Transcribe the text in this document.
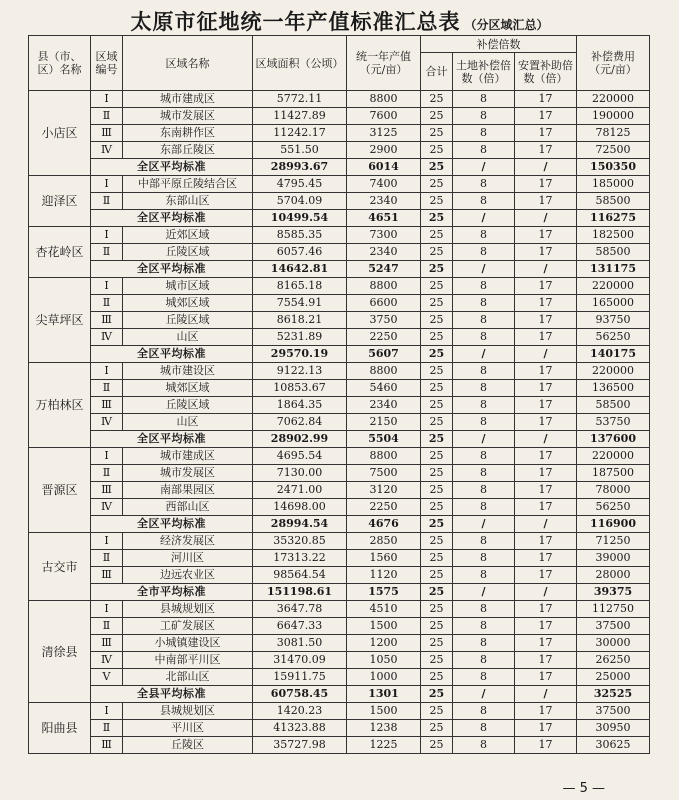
太原市征地统一年产值标准汇总表 （分区域汇总）
县（市、区）名称	区域编号	区域名称	区域面积（公顷）	统一年产值（元/亩）	补偿倍数			补偿费用（元/亩）
					合计	土地补偿倍数（倍）	安置补助倍数（倍）	
小店区	Ⅰ	城市建成区	5772.11	8800	25	8	17	220000
	Ⅱ	城市发展区	11427.89	7600	25	8	17	190000
	Ⅲ	东南耕作区	11242.17	3125	25	8	17	78125
	Ⅳ	东部丘陵区	551.50	2900	25	8	17	72500
	全区平均标准		28993.67	6014	25	/	/	150350
迎泽区	Ⅰ	中部平原丘陵结合区	4795.45	7400	25	8	17	185000
	Ⅱ	东部山区	5704.09	2340	25	8	17	58500
	全区平均标准		10499.54	4651	25	/	/	116275
杏花岭区	Ⅰ	近郊区域	8585.35	7300	25	8	17	182500
	Ⅱ	丘陵区域	6057.46	2340	25	8	17	58500
	全区平均标准		14642.81	5247	25	/	/	131175
尖草坪区	Ⅰ	城市区域	8165.18	8800	25	8	17	220000
	Ⅱ	城郊区域	7554.91	6600	25	8	17	165000
	Ⅲ	丘陵区域	8618.21	3750	25	8	17	93750
	Ⅳ	山区	5231.89	2250	25	8	17	56250
	全区平均标准		29570.19	5607	25	/	/	140175
万柏林区	Ⅰ	城市建设区	9122.13	8800	25	8	17	220000
	Ⅱ	城郊区域	10853.67	5460	25	8	17	136500
	Ⅲ	丘陵区域	1864.35	2340	25	8	17	58500
	Ⅳ	山区	7062.84	2150	25	8	17	53750
	全区平均标准		28902.99	5504	25	/	/	137600
晋源区	Ⅰ	城市建成区	4695.54	8800	25	8	17	220000
	Ⅱ	城市发展区	7130.00	7500	25	8	17	187500
	Ⅲ	南部果园区	2471.00	3120	25	8	17	78000
	Ⅳ	西部山区	14698.00	2250	25	8	17	56250
	全区平均标准		28994.54	4676	25	/	/	116900
古交市	Ⅰ	经济发展区	35320.85	2850	25	8	17	71250
	Ⅱ	河川区	17313.22	1560	25	8	17	39000
	Ⅲ	边远农业区	98564.54	1120	25	8	17	28000
	全市平均标准		151198.61	1575	25	/	/	39375
清徐县	Ⅰ	县城规划区	3647.78	4510	25	8	17	112750
	Ⅱ	工矿发展区	6647.33	1500	25	8	17	37500
	Ⅲ	小城镇建设区	3081.50	1200	25	8	17	30000
	Ⅳ	中南部平川区	31470.09	1050	25	8	17	26250
	Ⅴ	北部山区	15911.75	1000	25	8	17	25000
	全县平均标准		60758.45	1301	25	/	/	32525
阳曲县	Ⅰ	县城规划区	1420.23	1500	25	8	17	37500
	Ⅱ	平川区	41323.88	1238	25	8	17	30950
	Ⅲ	丘陵区	35727.98	1225	25	8	17	30625
— 5 —
